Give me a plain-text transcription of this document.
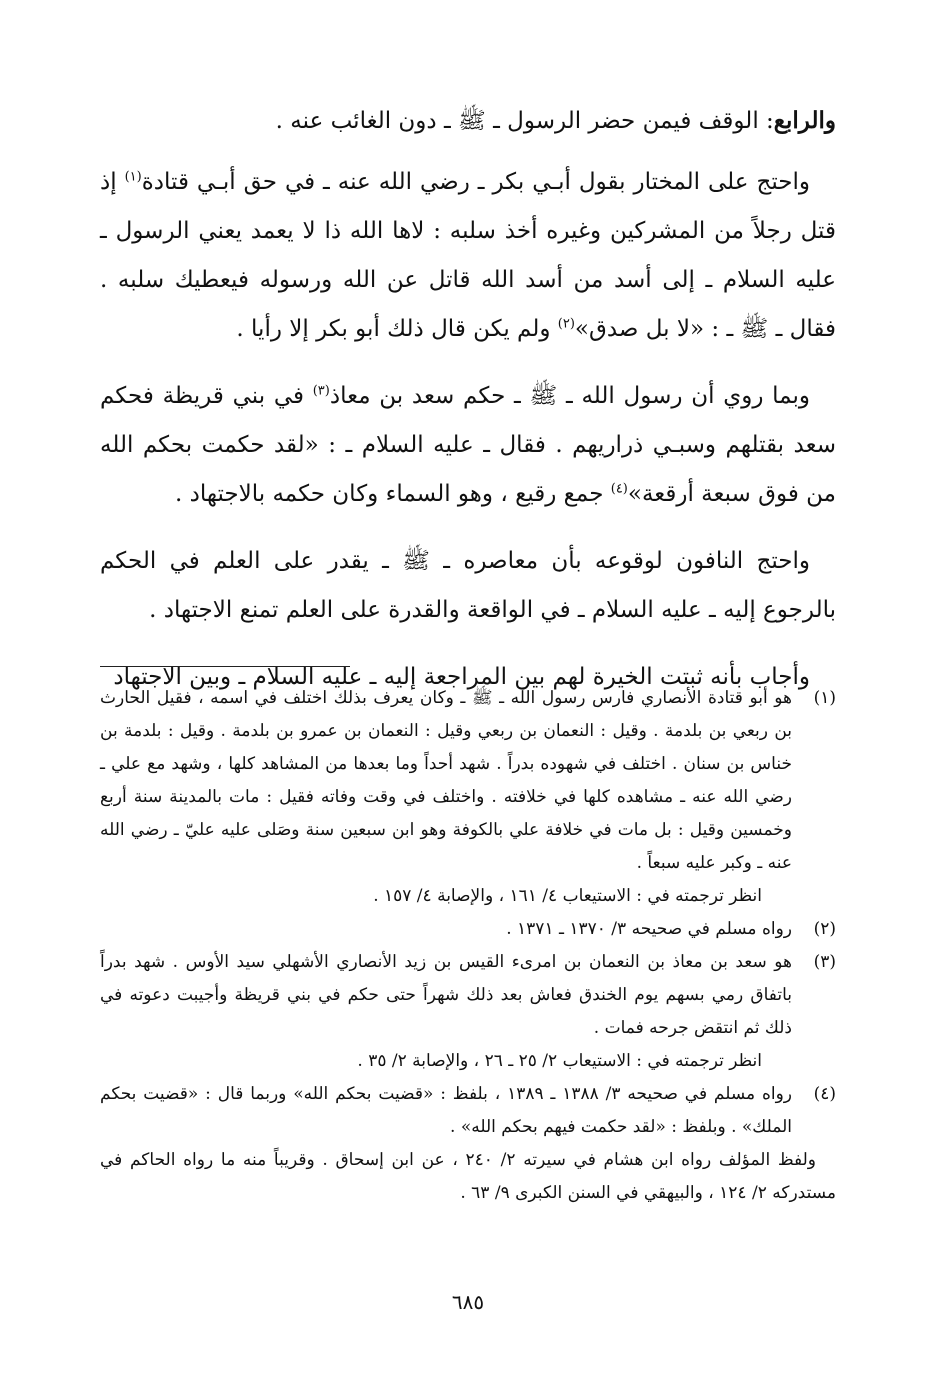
والرابع: الوقف فيمن حضر الرسول ـ ﷺ ـ دون الغائب عنه .

واحتج على المختار بقول أبـي بكر ـ رضي الله عنه ـ في حق أبـي قتادة$^{(١)}$ إذ قتل رجلاً من المشركين وغيره أخذ سلبه : لاها الله ذا لا يعمد يعني الرسول ـ عليه السلام ـ إلى أسد من أسد الله قاتل عن الله ورسوله فيعطيك سلبه . فقال ـ ﷺ ـ : «لا بل صدق»$^{(٢)}$ ولم يكن قال ذلك أبو بكر إلا رأيا .

وبما روي أن رسول الله ـ ﷺ ـ حكم سعد بن معاذ$^{(٣)}$ في بني قريظة فحكم سعد بقتلهم وسبـي ذراريهم . فقال ـ عليه السلام ـ : «لقد حكمت بحكم الله من فوق سبعة أرقعة»$^{(٤)}$ جمع رقيع ، وهو السماء وكان حكمه بالاجتهاد .

واحتج النافون لوقوعه بأن معاصره ـ ﷺ ـ يقدر على العلم في الحكم بالرجوع إليه ـ عليه السلام ـ في الواقعة والقدرة على العلم تمنع الاجتهاد .

وأجاب بأنه ثبتت الخيرة لهم بين المراجعة إليه ـ عليه السلام ـ وبين الاجتهاد

(١)

هو أبو قتادة الأنصاري فارس رسول الله ـ ﷺ ـ وكان يعرف بذلك اختلف في اسمه ، فقيل الحارث بن ربعي بن بلدمة . وقيل : النعمان بن ربعي وقيل : النعمان بن عمرو بن بلدمة . وقيل : بلدمة بن خناس بن سنان . اختلف في شهوده بدراً . شهد أحداً وما بعدها من المشاهد كلها ، وشهد مع علي ـ رضي الله عنه ـ مشاهده كلها في خلافته . واختلف في وقت وفاته فقيل : مات بالمدينة سنة أربع وخمسين وقيل : بل مات في خلافة علي بالكوفة وهو ابن سبعين سنة وصَلى عليه عليّ ـ رضي الله عنه ـ وكبر عليه سبعاً .

انظر ترجمته في : الاستيعاب ٤/ ١٦١ ، والإصابة ٤/ ١٥٧ .

(٢)

رواه مسلم في صحيحه ٣/ ١٣٧٠ ـ ١٣٧١ .

(٣)

هو سعد بن معاذ بن النعمان بن امرىء القيس بن زيد الأنصاري الأشهلي سيد الأوس . شهد بدراً باتفاق رمي بسهم يوم الخندق فعاش بعد ذلك شهراً حتى حكم في بني قريظة وأجيبت دعوته في ذلك ثم انتقض جرحه فمات .

انظر ترجمته في : الاستيعاب ٢/ ٢٥ ـ ٢٦ ، والإصابة ٢/ ٣٥ .

(٤)

رواه مسلم في صحيحه ٣/ ١٣٨٨ ـ ١٣٨٩ ، بلفظ : «قضيت بحكم الله» وربما قال : «قضيت بحكم الملك» . وبلفظ : «لقد حكمت فيهم بحكم الله» .

ولفظ المؤلف رواه ابن هشام في سيرته ٢/ ٢٤٠ ، عن ابن إسحاق . وقريباً منه ما رواه الحاكم في مستدركه ٢/ ١٢٤ ، والبيهقي في السنن الكبرى ٩/ ٦٣ .

٦٨٥
